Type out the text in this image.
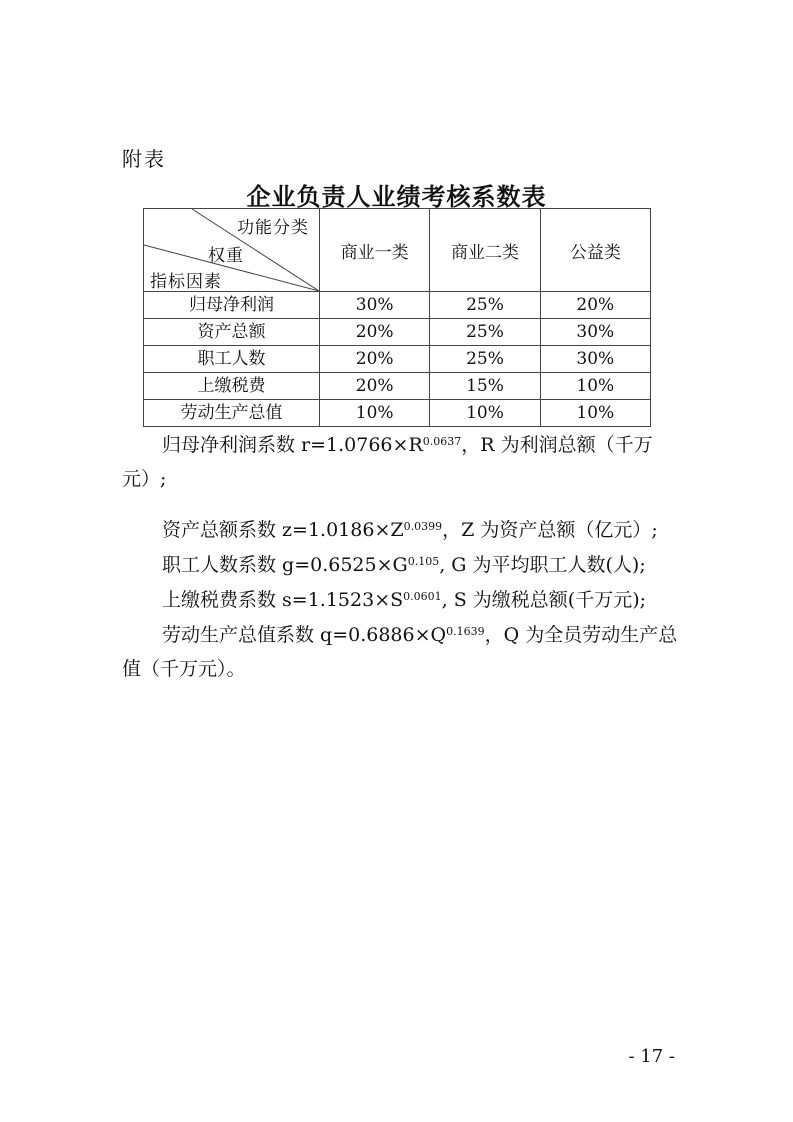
附表
企业负责人业绩考核系数表
功能分类
权重
指标因素	商业一类	商业二类	公益类
归母净利润	30%	25%	20%
资产总额	20%	25%	30%
职工人数	20%	25%	30%
上缴税费	20%	15%	10%
劳动生产总值	10%	10%	10%

归母净利润系数 $r=1.0766\times R^{0.0637}$，R 为利润总额（千万元）;

资产总额系数 $z=1.0186\times Z^{0.0399}$，Z 为资产总额（亿元）;

职工人数系数 $g=0.6525\times G^{0.105}$, G 为平均职工人数(人);

上缴税费系数 $s=1.1523\times S^{0.0601}$, S 为缴税总额(千万元);

劳动生产总值系数 $q=0.6886\times Q^{0.1639}$，Q 为全员劳动生产总值（千万元）。

- 17 -
